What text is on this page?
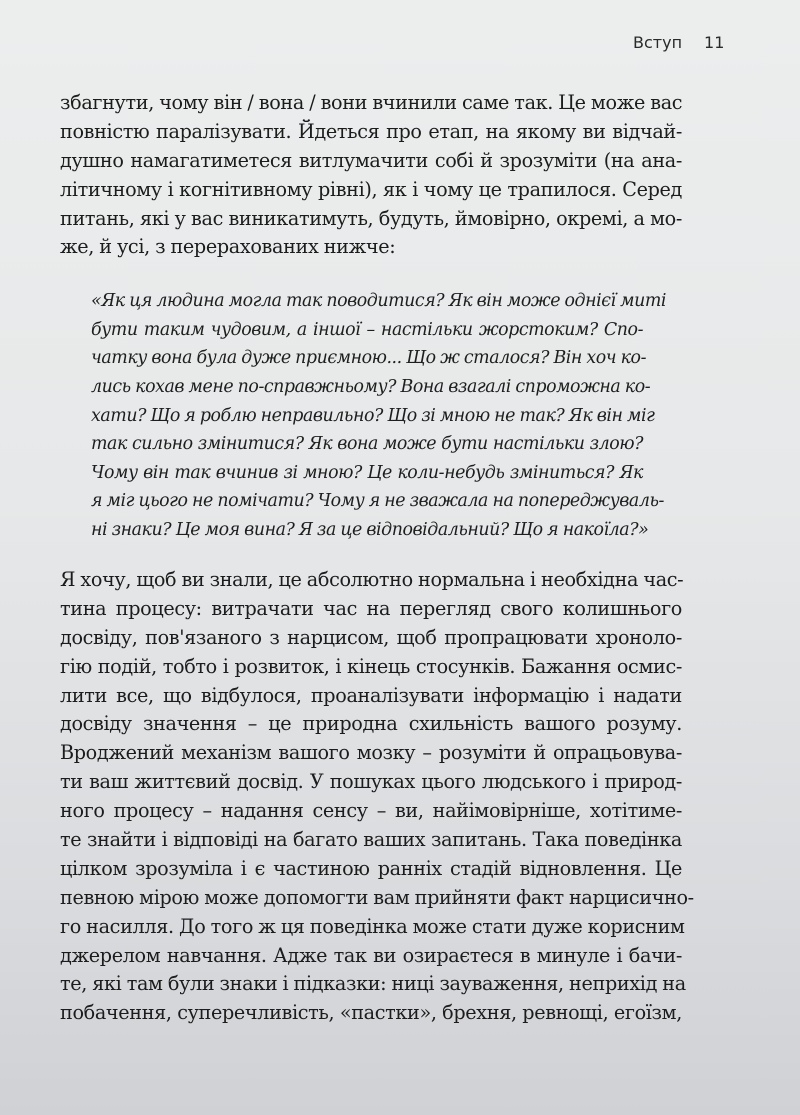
Вступ 11
збагнути, чому він / вона / вони вчинили саме так. Це може вас
повністю паралізувати. Йдеться про етап, на якому ви відчай-
душно намагатиметеся витлумачити собі й зрозуміти (на ана-
літичному і когнітивному рівні), як і чому це трапилося. Серед
питань, які у вас виникатимуть, будуть, ймовірно, окремі, а мо-
же, й усі, з перерахованих нижче:
«Як ця людина могла так поводитися? Як він може однієї миті
бути таким чудовим, а іншої – настільки жорстоким? Спо-
чатку вона була дуже приємною... Що ж сталося? Він хоч ко-
лись кохав мене по-справжньому? Вона взагалі спроможна ко-
хати? Що я роблю неправильно? Що зі мною не так? Як він міг
так сильно змінитися? Як вона може бути настільки злою?
Чому він так вчинив зі мною? Це коли-небудь зміниться? Як
я міг цього не помічати? Чому я не зважала на попереджуваль-
ні знаки? Це моя вина? Я за це відповідальний? Що я накоїла?»
Я хочу, щоб ви знали, це абсолютно нормальна і необхідна час-
тина процесу: витрачати час на перегляд свого колишнього
досвіду, пов'язаного з нарцисом, щоб пропрацювати хроноло-
гію подій, тобто і розвиток, і кінець стосунків. Бажання осмис-
лити все, що відбулося, проаналізувати інформацію і надати
досвіду значення – це природна схильність вашого розуму.
Вроджений механізм вашого мозку – розуміти й опрацьовува-
ти ваш життєвий досвід. У пошуках цього людського і природ-
ного процесу – надання сенсу – ви, найімовірніше, хотітиме-
те знайти і відповіді на багато ваших запитань. Така поведінка
цілком зрозуміла і є частиною ранніх стадій відновлення. Це
певною мірою може допомогти вам прийняти факт нарцисично-
го насилля. До того ж ця поведінка може стати дуже корисним
джерелом навчання. Адже так ви озираєтеся в минуле і бачи-
те, які там були знаки і підказки: ниці зауваження, неприхід на
побачення, суперечливість, «пастки», брехня, ревнощі, егоїзм,
